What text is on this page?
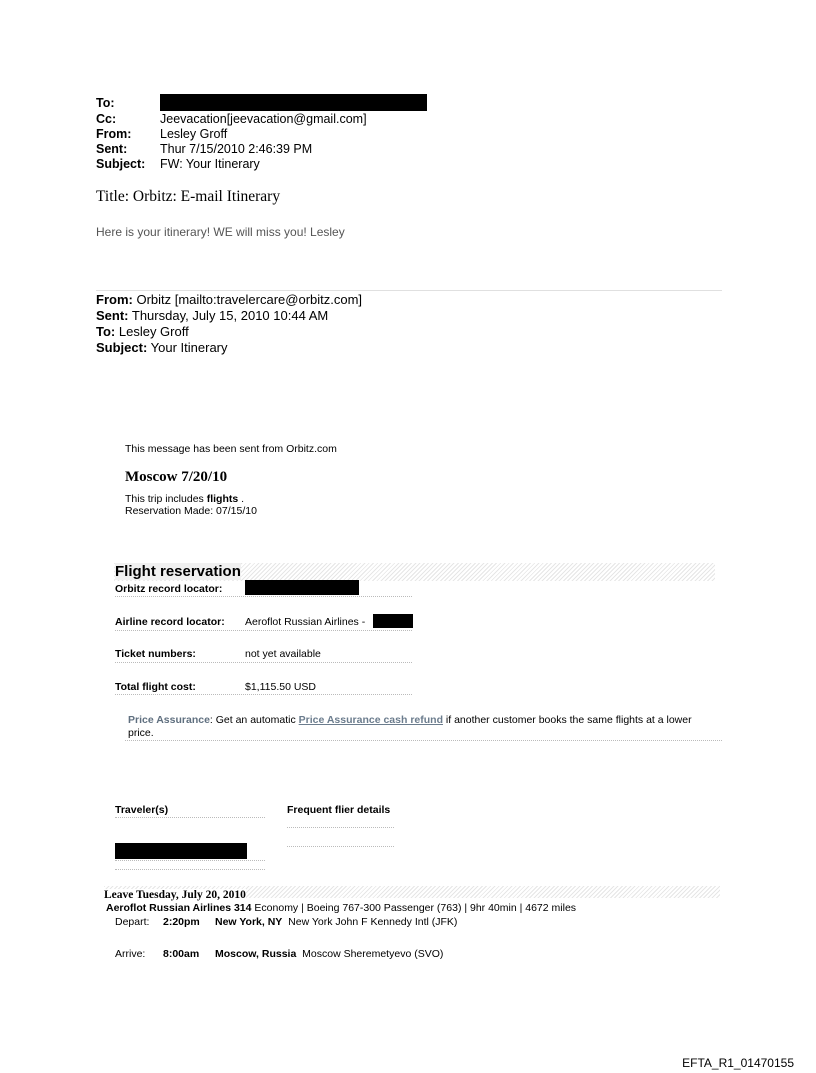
To:
Cc:	Jeevacation[jeevacation@gmail.com]
From: Lesley Groff
Sent:	Thur 7/15/2010 2:46:39 PM
Subject: FW: Your Itinerary
Title: Orbitz: E-mail Itinerary
Here is your itinerary! WE will miss you! Lesley
From: Orbitz [mailto:travelercare@orbitz.com]
Sent: Thursday, July 15, 2010 10:44 AM
To: Lesley Groff
Subject: Your Itinerary
This message has been sent from Orbitz.com
Moscow 7/20/10
This trip includes flights .
Reservation Made: 07/15/10
Flight reservation
Orbitz record locator:
Airline record locator: Aeroflot Russian Airlines -
Ticket numbers:	not yet available
Total flight cost:	$1,115.50 USD
Price Assurance: Get an automatic Price Assurance cash refund if another customer books the same flights at a lower
price.
Traveler(s)	Frequent flier details
Leave Tuesday, July 20, 2010
Aeroflot Russian Airlines 314 Economy | Boeing 767-300 Passenger (763) | 9hr 40min | 4672 miles
Depart: 2:20pm New York, NY New York John F Kennedy Intl (JFK)
Arrive: 8:00am Moscow, Russia Moscow Sheremetyevo (SVO)
EFTA_R1_01470155
